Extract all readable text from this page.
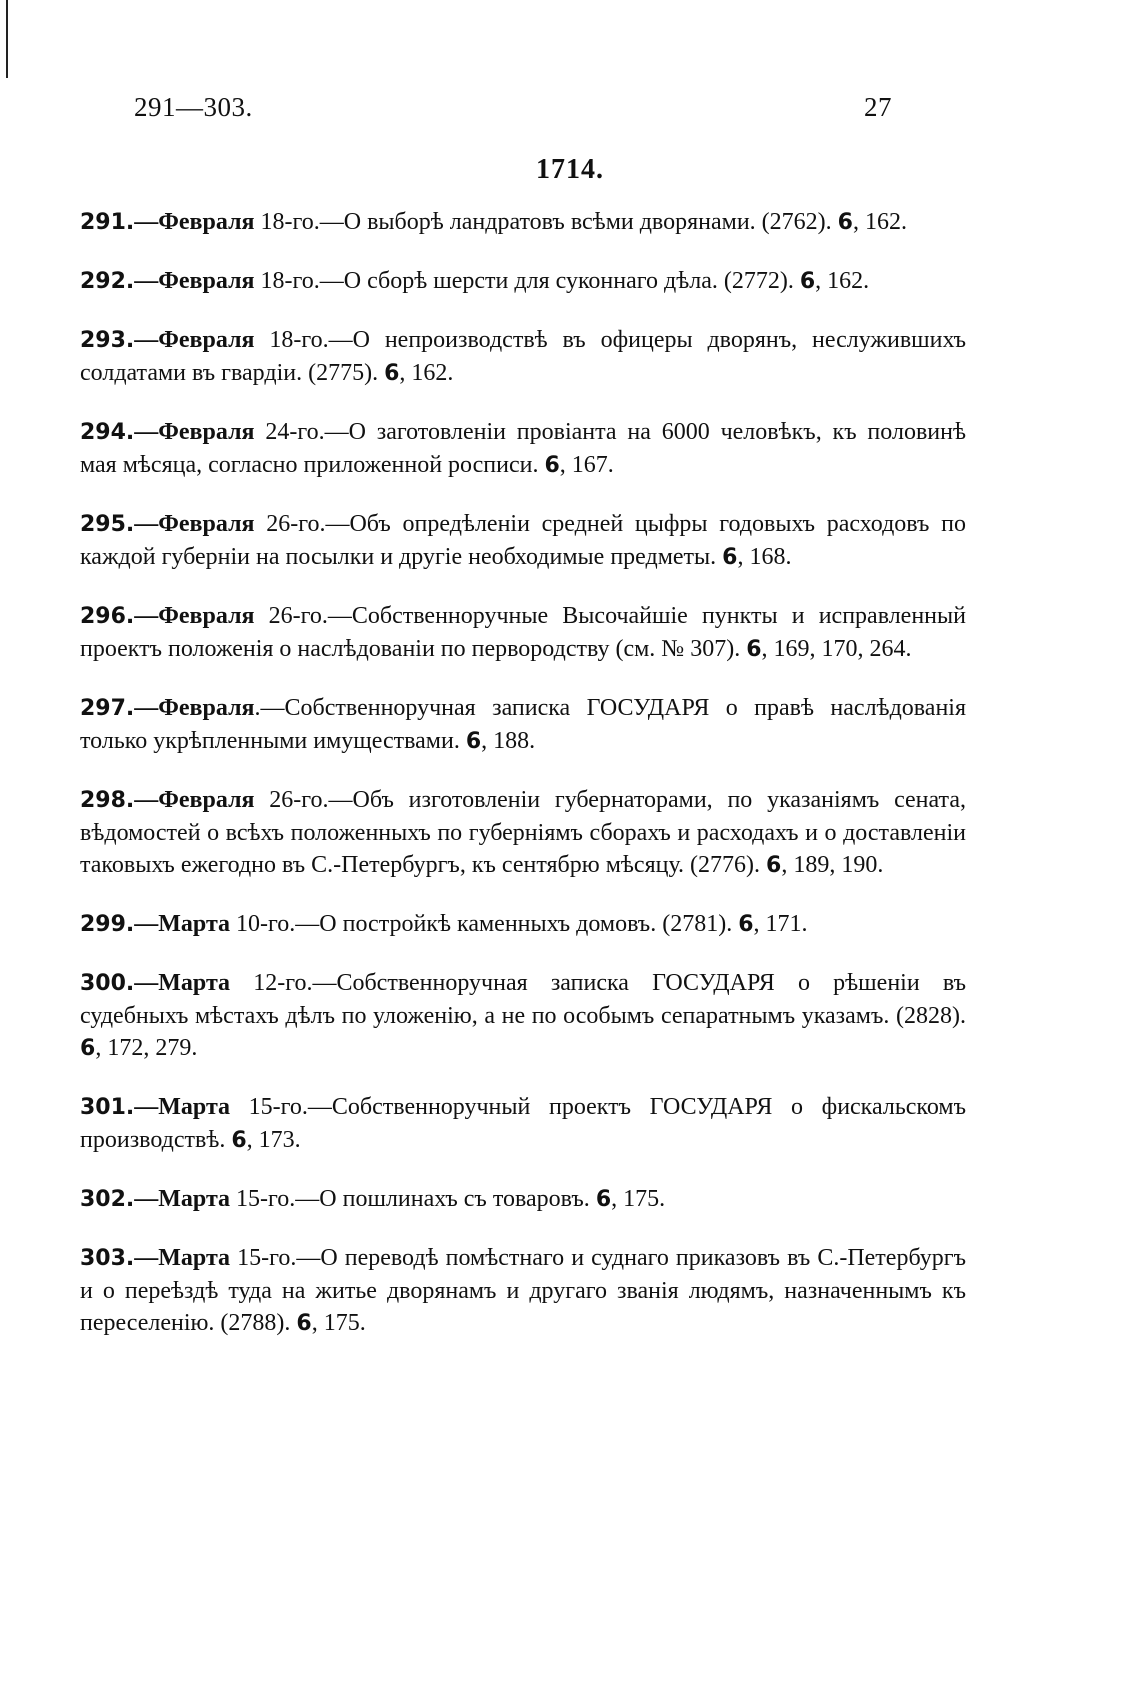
291—303.	27
1714.

291.—Февраля 18-го.—О выборѣ ландратовъ всѣми дворянами. (2762). 6, 162.

292.—Февраля 18-го.—О сборѣ шерсти для суконнаго дѣла. (2772). 6, 162.

293.—Февраля 18-го.—О непроизводствѣ въ офицеры дворянъ, неслужившихъ солдатами въ гвардіи. (2775). 6, 162.

294.—Февраля 24-го.—О заготовленіи провіанта на 6000 человѣкъ, къ половинѣ мая мѣсяца, согласно приложенной росписи. 6, 167.

295.—Февраля 26-го.—Объ опредѣленіи средней цыфры годовыхъ расходовъ по каждой губерніи на посылки и другіе необходимые предметы. 6, 168.

296.—Февраля 26-го.—Собственноручные Высочайшіе пункты и исправленный проектъ положенія о наслѣдованіи по первородству (см. № 307). 6, 169, 170, 264.

297.—Февраля.—Собственноручная записка ГОСУДАРЯ о правѣ наслѣдованія только укрѣпленными имуществами. 6, 188.

298.—Февраля 26-го.—Объ изготовленіи губернаторами, по указаніямъ сената, вѣдомостей о всѣхъ положенныхъ по губерніямъ сборахъ и расходахъ и о доставленіи таковыхъ ежегодно въ С.-Петербургъ, къ сентябрю мѣсяцу. (2776). 6, 189, 190.

299.—Марта 10-го.—О постройкѣ каменныхъ домовъ. (2781). 6, 171.

300.—Марта 12-го.—Собственноручная записка ГОСУДАРЯ о рѣшеніи въ судебныхъ мѣстахъ дѣлъ по уложенію, а не по особымъ сепаратнымъ указамъ. (2828). 6, 172, 279.

301.—Марта 15-го.—Собственноручный проектъ ГОСУДАРЯ о фискальскомъ производствѣ. 6, 173.

302.—Марта 15-го.—О пошлинахъ съ товаровъ. 6, 175.

303.—Марта 15-го.—О переводѣ помѣстнаго и суднаго приказовъ въ С.-Петербургъ и о переѣздѣ туда на житье дворянамъ и другаго званія людямъ, назначеннымъ къ переселенію. (2788). 6, 175.
